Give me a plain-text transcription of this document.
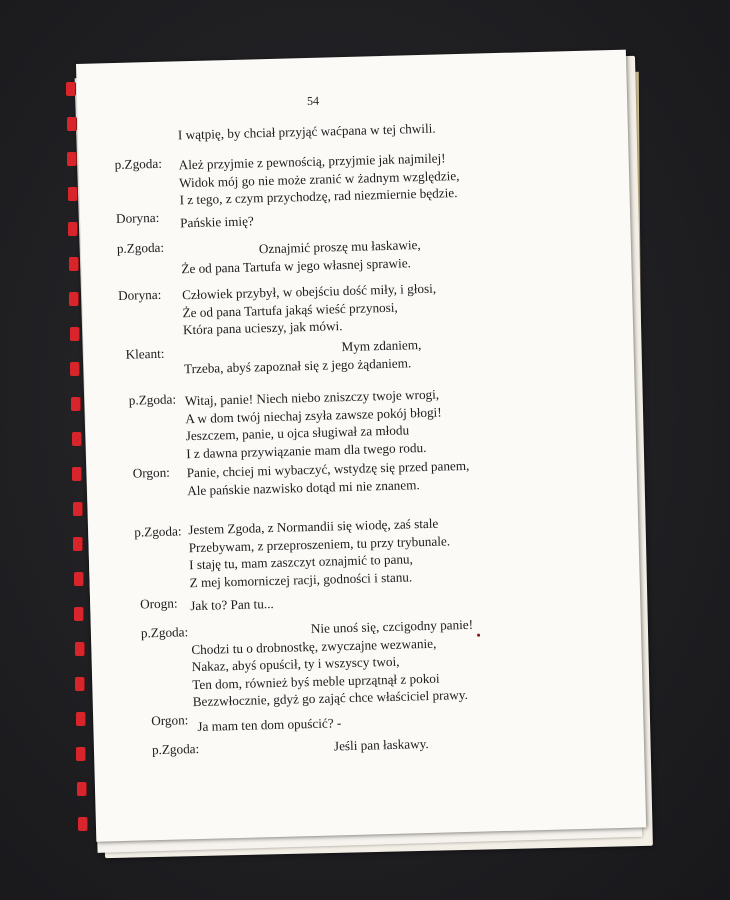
54
I wątpię, by chciał przyjąć waćpana w tej chwili.
p.Zgoda: Ależ przyjmie z pewnością, przyjmie jak najmilej!
Widok mój go nie może zranić w żadnym względzie,
I z tego, z czym przychodzę, rad niezmiernie będzie.
Doryna: Pańskie imię?
p.Zgoda:	Oznajmić proszę mu łaskawie,
Że od pana Tartufa w jego własnej sprawie.
Doryna: Człowiek przybył, w obejściu dość miły, i głosi,
Że od pana Tartufa jakąś wieść przynosi,
Która pana ucieszy, jak mówi.
Kleant:	Mym zdaniem,
Trzeba, abyś zapoznał się z jego żądaniem.
p.Zgoda: Witaj, panie! Niech niebo zniszczy twoje wrogi,
A w dom twój niechaj zsyła zawsze pokój błogi!
Jeszczem, panie, u ojca sługiwał za młodu
I z dawna przywiązanie mam dla twego rodu.
Orgon: Panie, chciej mi wybaczyć, wstydzę się przed panem,
Ale pańskie nazwisko dotąd mi nie znanem.
p.Zgoda: Jestem Zgoda, z Normandii się wiodę, zaś stale
Przebywam, z przeproszeniem, tu przy trybunale.
I staję tu, mam zaszczyt oznajmić to panu,
Z mej komorniczej racji, godności i stanu.
Orogn: Jak to? Pan tu...
p.Zgoda:	Nie unoś się, czcigodny panie!
Chodzi tu o drobnostkę, zwyczajne wezwanie,
Nakaz, abyś opuścił, ty i wszyscy twoi,
Ten dom, również byś meble uprzątnął z pokoi
Bezzwłocznie, gdyż go zająć chce właściciel prawy.
Orgon: Ja mam ten dom opuścić? -
p.Zgoda:	Jeśli pan łaskawy.
